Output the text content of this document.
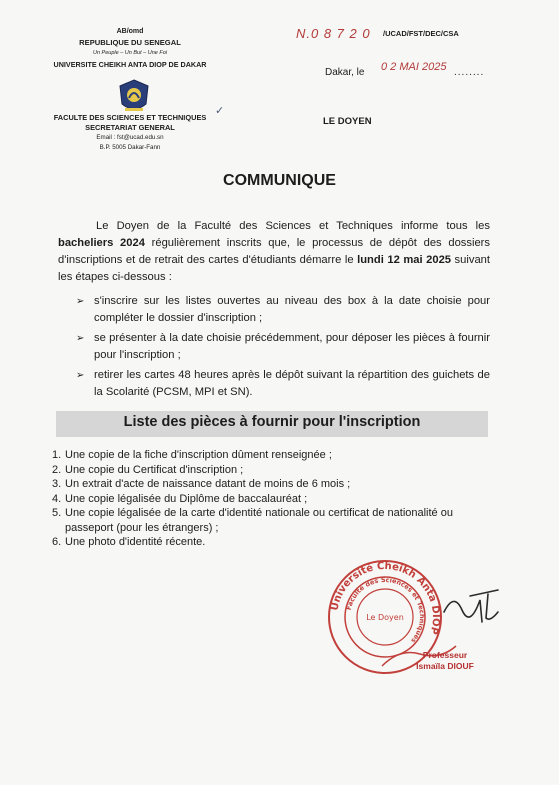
AB/omd
REPUBLIQUE DU SENEGAL
Un Peuple – Un But – Une Foi
UNIVERSITE CHEIKH ANTA DIOP DE DAKAR
✓
FACULTE DES SCIENCES ET TECHNIQUES
SECRETARIAT GENERAL
Email : fst@ucad.edu.sn
B.P. 5005 Dakar-Fann
N.0 8 7 2 0 /UCAD/FST/DEC/CSA
Dakar, le 0 2 MAI 2025 ........
LE DOYEN
COMMUNIQUE
Le Doyen de la Faculté des Sciences et Techniques informe tous les bacheliers 2024 régulièrement inscrits que, le processus de dépôt des dossiers d'inscriptions et de retrait des cartes d'étudiants démarre le lundi 12 mai 2025 suivant les étapes ci-dessous :
➢ s'inscrire sur les listes ouvertes au niveau des box à la date choisie pour compléter le dossier d'inscription ;
➢ se présenter à la date choisie précédemment, pour déposer les pièces à fournir pour l'inscription ;
➢ retirer les cartes 48 heures après le dépôt suivant la répartition des guichets de la Scolarité (PCSM, MPI et SN).
Liste des pièces à fournir pour l'inscription
1. Une copie de la fiche d'inscription dûment renseignée ;
2. Une copie du Certificat d'inscription ;
3. Un extrait d'acte de naissance datant de moins de 6 mois ;
4. Une copie légalisée du Diplôme de baccalauréat ;
5. Une copie légalisée de la carte d'identité nationale ou certificat de nationalité ou passeport (pour les étrangers) ;
6. Une photo d'identité récente.
Université Cheikh Anta DIOP
Faculté des Sciences et Techniques
Le Doyen
Professeur
Ismaïla DIOUF
